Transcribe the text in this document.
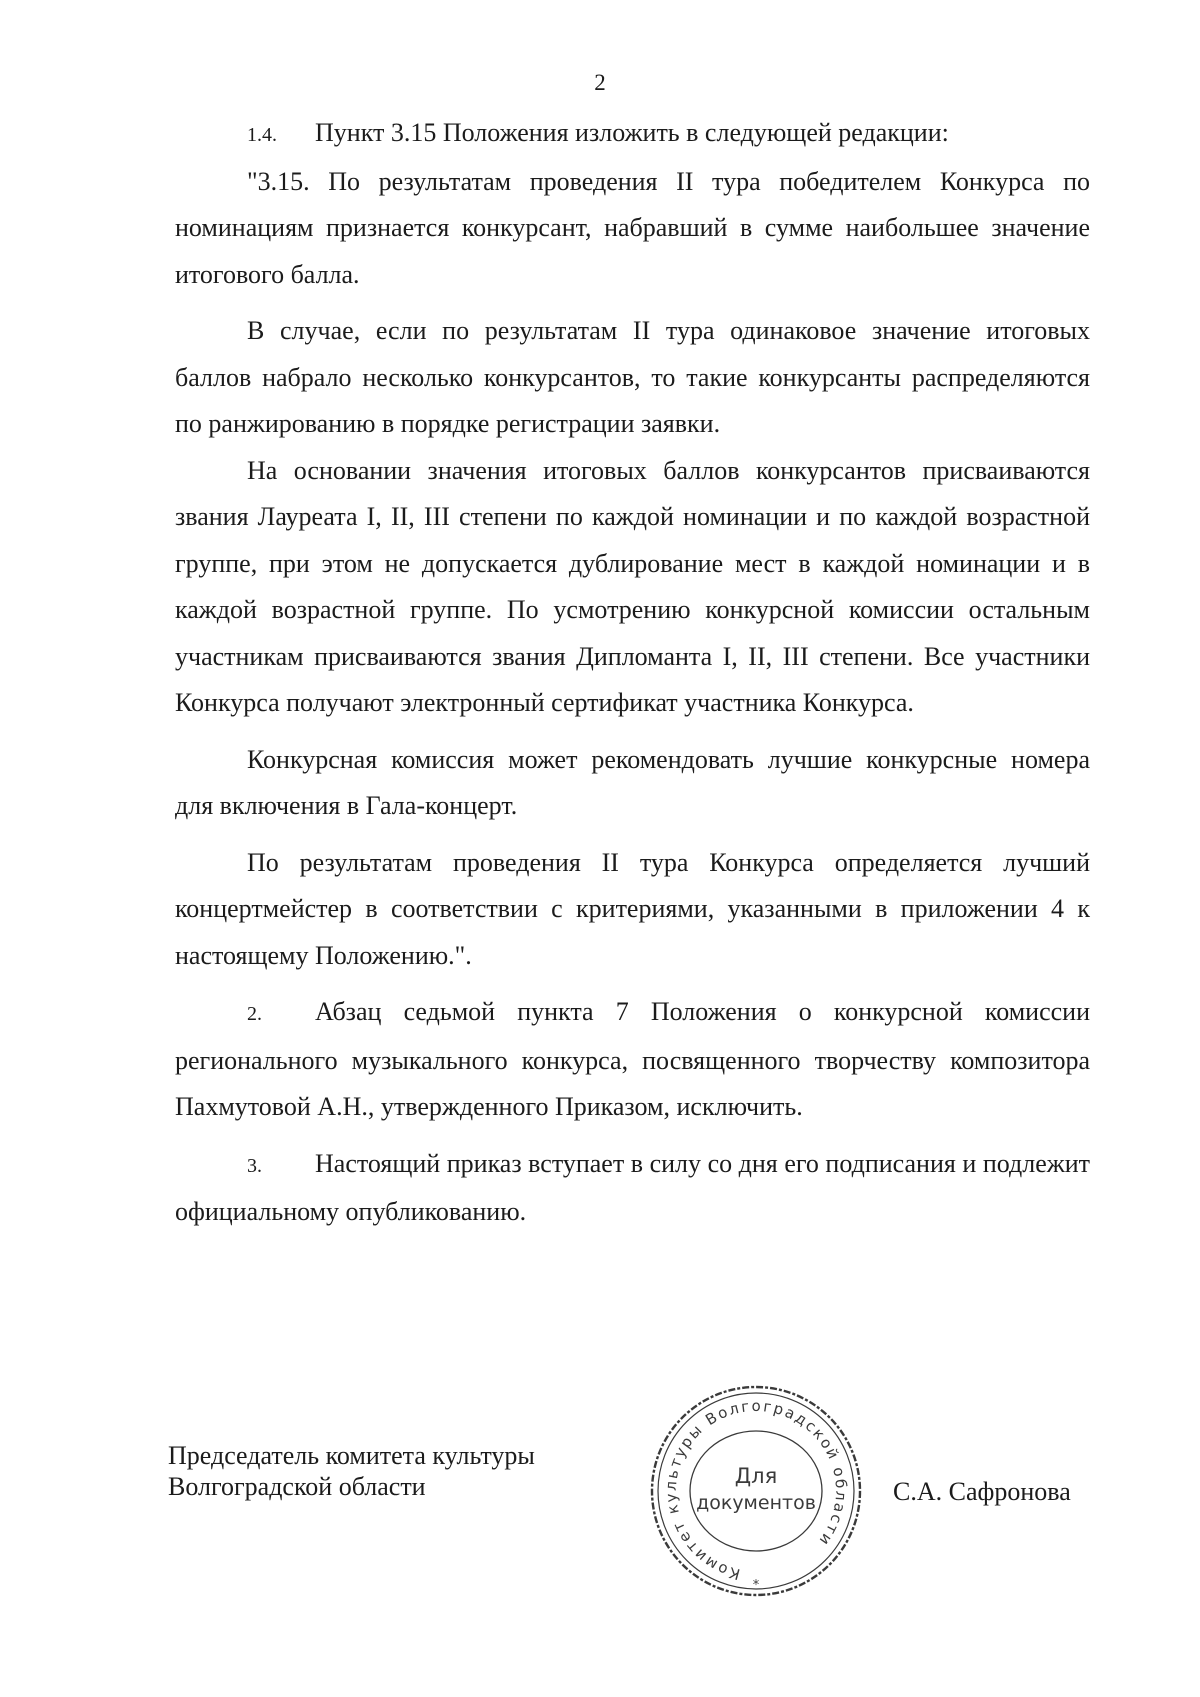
2

1.4. Пункт 3.15 Положения изложить в следующей редакции:

"3.15. По результатам проведения II тура победителем Конкурса по номинациям признается конкурсант, набравший в сумме наибольшее значение итогового балла.

В случае, если по результатам II тура одинаковое значение итоговых баллов набрало несколько конкурсантов, то такие конкурсанты распределяются по ранжированию в порядке регистрации заявки.

На основании значения итоговых баллов конкурсантов присваиваются звания Лауреата I, II, III степени по каждой номинации и по каждой возрастной группе, при этом не допускается дублирование мест в каждой номинации и в каждой возрастной группе. По усмотрению конкурсной комиссии остальным участникам присваиваются звания Дипломанта I, II, III степени. Все участники Конкурса получают электронный сертификат участника Конкурса.

Конкурсная комиссия может рекомендовать лучшие конкурсные номера для включения в Гала-концерт.

По результатам проведения II тура Конкурса определяется лучший концертмейстер в соответствии с критериями, указанными в приложении 4 к настоящему Положению.".

2. Абзац седьмой пункта 7 Положения о конкурсной комиссии регионального музыкального конкурса, посвященного творчеству композитора Пахмутовой А.Н., утвержденного Приказом, исключить.

3. Настоящий приказ вступает в силу со дня его подписания и подлежит официальному опубликованию.

Председатель комитета культуры
Волгоградской области
Комитет культуры Волгоградской области
Для
документов
*
С.А. Сафронова
